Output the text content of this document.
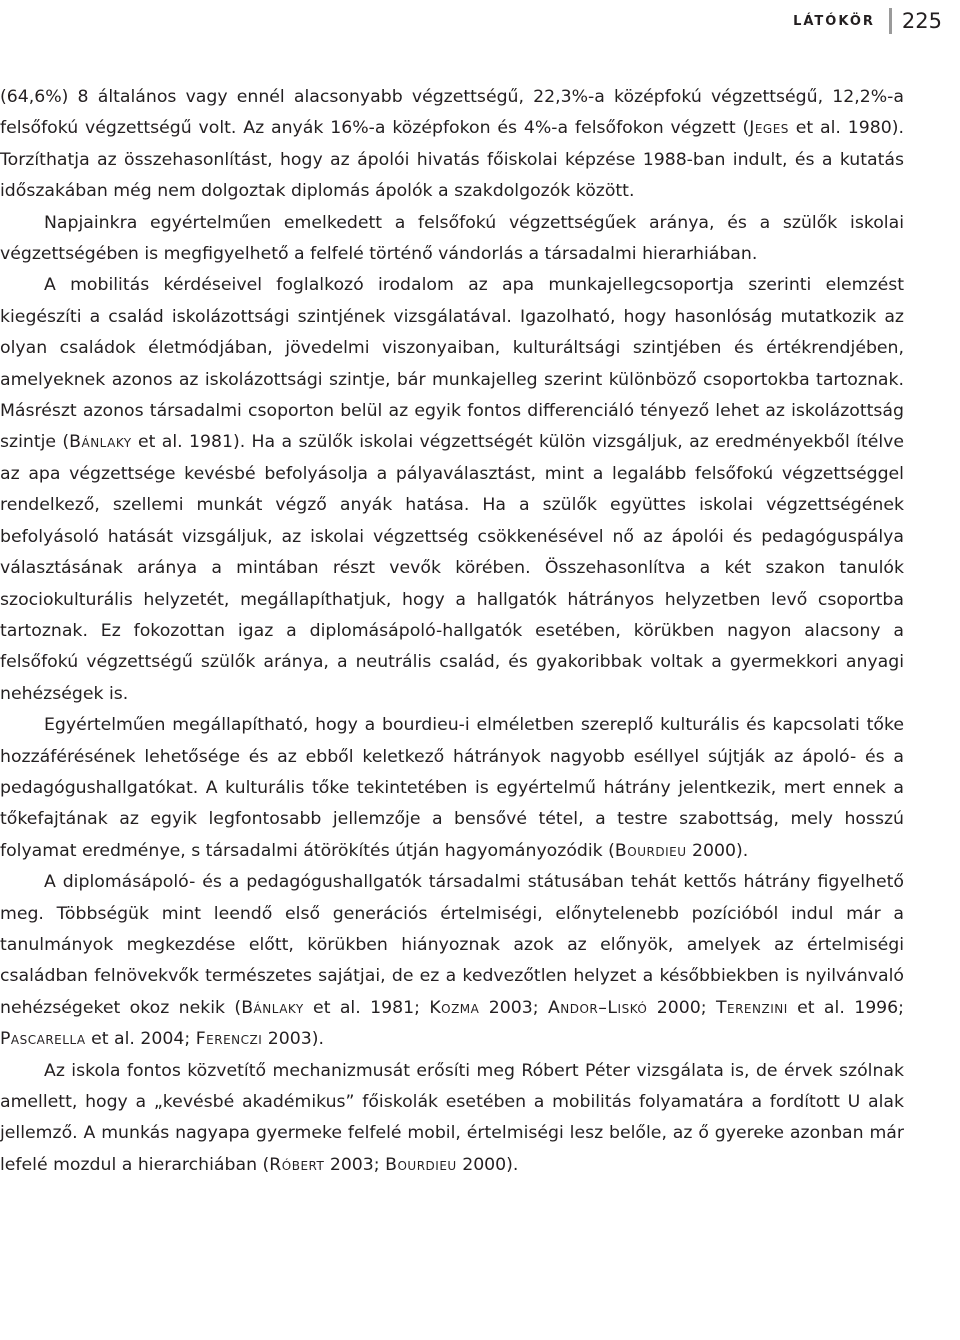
LÁTÓKÖR 225

(64,6%) 8 általános vagy ennél alacsonyabb végzettségű, 22,3%-a középfokú végzettségű, 12,2%-a felsőfokú végzettségű volt. Az anyák 16%-a középfokon és 4%-a felsőfokon végzett (Jeges et al. 1980). Torzíthatja az összehasonlítást, hogy az ápolói hivatás főiskolai képzése 1988-ban indult, és a kutatás időszakában még nem dolgoztak diplomás ápolók a szakdolgozók között.

Napjainkra egyértelműen emelkedett a felsőfokú végzettségűek aránya, és a szülők iskolai végzettségében is megfigyelhető a felfelé történő vándorlás a társadalmi hierarhiában.

A mobilitás kérdéseivel foglalkozó irodalom az apa munkajellegcsoportja szerinti elemzést kiegészíti a család iskolázottsági szintjének vizsgálatával. Igazolható, hogy hasonlóság mutatkozik az olyan családok életmódjában, jövedelmi viszonyaiban, kulturáltsági szintjében és értékrendjében, amelyeknek azonos az iskolázottsági szintje, bár munkajelleg szerint különböző csoportokba tartoznak. Másrészt azonos társadalmi csoporton belül az egyik fontos differenciáló tényező lehet az iskolázottság szintje (Bánlaky et al. 1981). Ha a szülők iskolai végzettségét külön vizsgáljuk, az eredményekből ítélve az apa végzettsége kevésbé befolyásolja a pályaválasztást, mint a legalább felsőfokú végzettséggel rendelkező, szellemi munkát végző anyák hatása. Ha a szülők együttes iskolai végzettségének befolyásoló hatását vizsgáljuk, az iskolai végzettség csökkenésével nő az ápolói és pedagóguspálya választásának aránya a mintában részt vevők körében. Összehasonlítva a két szakon tanulók szociokulturális helyzetét, megállapíthatjuk, hogy a hallgatók hátrányos helyzetben levő csoportba tartoznak. Ez fokozottan igaz a diplomásápoló-hallgatók esetében, körükben nagyon alacsony a felsőfokú végzettségű szülők aránya, a neutrális család, és gyakoribbak voltak a gyermekkori anyagi nehézségek is.

Egyértelműen megállapítható, hogy a bourdieu-i elméletben szereplő kulturális és kapcsolati tőke hozzáférésének lehetősége és az ebből keletkező hátrányok nagyobb eséllyel sújtják az ápoló- és a pedagógushallgatókat. A kulturális tőke tekintetében is egyértelmű hátrány jelentkezik, mert ennek a tőkefajtának az egyik legfontosabb jellemzője a bensővé tétel, a testre szabottság, mely hosszú folyamat eredménye, s társadalmi átörökítés útján hagyományozódik (Bourdieu 2000).

A diplomásápoló- és a pedagógushallgatók társadalmi státusában tehát kettős hátrány figyelhető meg. Többségük mint leendő első generációs értelmiségi, előnytelenebb pozícióból indul már a tanulmányok megkezdése előtt, körükben hiányoznak azok az előnyök, amelyek az értelmiségi családban felnövekvők természetes sajátjai, de ez a kedvezőtlen helyzet a későbbiekben is nyilvánvaló nehézségeket okoz nekik (Bánlaky et al. 1981; Kozma 2003; Andor–Liskó 2000; Terenzini et al. 1996; Pascarella et al. 2004; Ferenczi 2003).

Az iskola fontos közvetítő mechanizmusát erősíti meg Róbert Péter vizsgálata is, de érvek szólnak amellett, hogy a „kevésbé akadémikus” főiskolák esetében a mobilitás folyamatára a fordított U alak jellemző. A munkás nagyapa gyermeke felfelé mobil, értelmiségi lesz belőle, az ő gyereke azonban már lefelé mozdul a hierarchiában (Róbert 2003; Bourdieu 2000).
